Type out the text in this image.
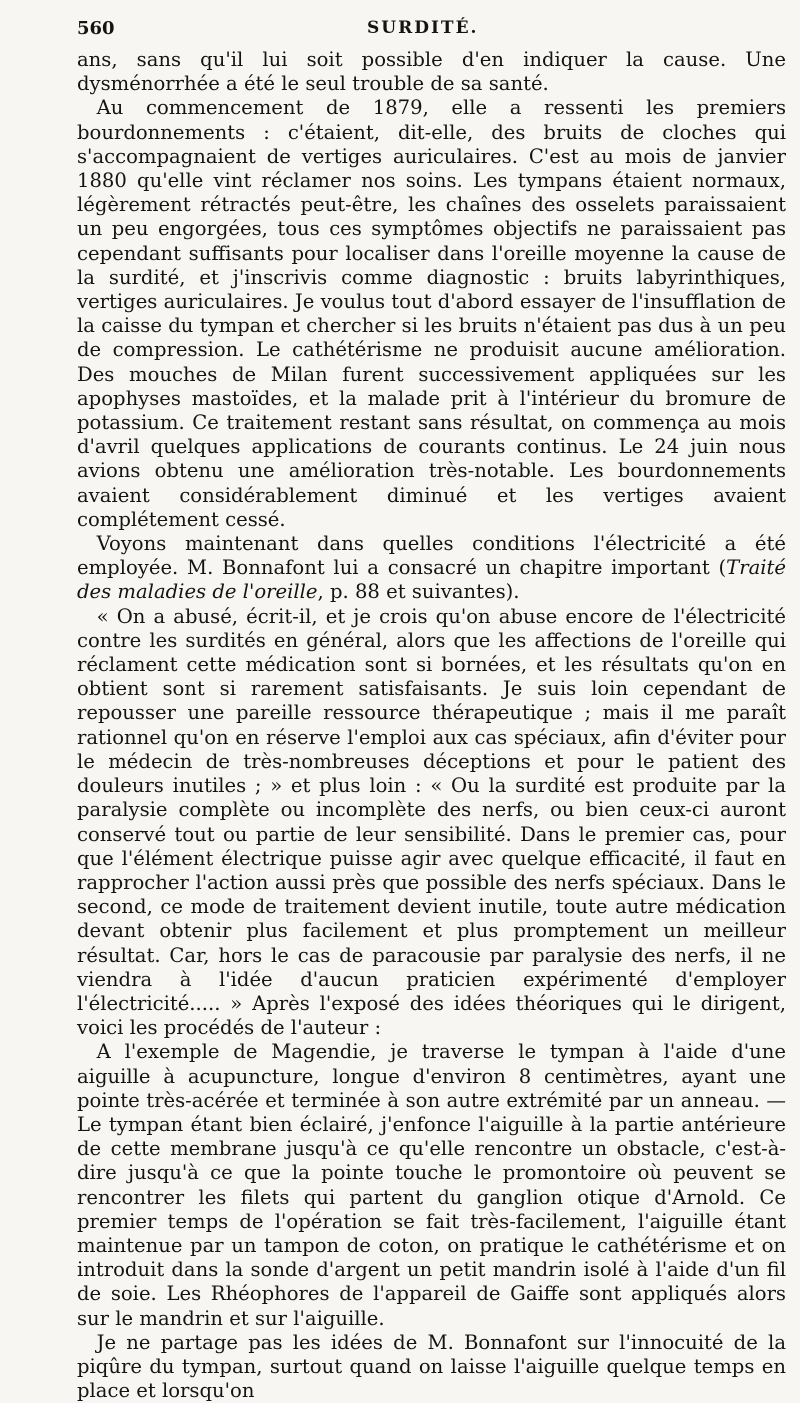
560	SURDITÉ.

ans, sans qu'il lui soit possible d'en indiquer la cause. Une dysménorrhée a été le seul trouble de sa santé.

Au commencement de 1879, elle a ressenti les premiers bourdonnements : c'étaient, dit-elle, des bruits de cloches qui s'accompagnaient de vertiges auriculaires. C'est au mois de janvier 1880 qu'elle vint réclamer nos soins. Les tympans étaient normaux, légèrement rétractés peut-être, les chaînes des osselets paraissaient un peu engorgées, tous ces symptômes objectifs ne paraissaient pas cependant suffisants pour localiser dans l'oreille moyenne la cause de la surdité, et j'inscrivis comme diagnostic : bruits labyrinthiques, vertiges auriculaires. Je voulus tout d'abord essayer de l'insufflation de la caisse du tympan et chercher si les bruits n'étaient pas dus à un peu de compression. Le cathétérisme ne produisit aucune amélioration. Des mouches de Milan furent successivement appliquées sur les apophyses mastoïdes, et la malade prit à l'intérieur du bromure de potassium. Ce traitement restant sans résultat, on commença au mois d'avril quelques applications de courants continus. Le 24 juin nous avions obtenu une amélioration très-notable. Les bourdonnements avaient considérablement diminué et les vertiges avaient complétement cessé.

Voyons maintenant dans quelles conditions l'électricité a été employée. M. Bonnafont lui a consacré un chapitre important (Traité des maladies de l'oreille, p. 88 et suivantes).

« On a abusé, écrit-il, et je crois qu'on abuse encore de l'électricité contre les surdités en général, alors que les affections de l'oreille qui réclament cette médication sont si bornées, et les résultats qu'on en obtient sont si rarement satisfaisants. Je suis loin cependant de repousser une pareille ressource thérapeutique ; mais il me paraît rationnel qu'on en réserve l'emploi aux cas spéciaux, afin d'éviter pour le médecin de très-nombreuses déceptions et pour le patient des douleurs inutiles ; » et plus loin : « Ou la surdité est produite par la paralysie complète ou incomplète des nerfs, ou bien ceux-ci auront conservé tout ou partie de leur sensibilité. Dans le premier cas, pour que l'élément électrique puisse agir avec quelque efficacité, il faut en rapprocher l'action aussi près que possible des nerfs spéciaux. Dans le second, ce mode de traitement devient inutile, toute autre médication devant obtenir plus facilement et plus promptement un meilleur résultat. Car, hors le cas de paracousie par paralysie des nerfs, il ne viendra à l'idée d'aucun praticien expérimenté d'employer l'électricité..... » Après l'exposé des idées théoriques qui le dirigent, voici les procédés de l'auteur :

A l'exemple de Magendie, je traverse le tympan à l'aide d'une aiguille à acupuncture, longue d'environ 8 centimètres, ayant une pointe très-acérée et terminée à son autre extrémité par un anneau. — Le tympan étant bien éclairé, j'enfonce l'aiguille à la partie antérieure de cette membrane jusqu'à ce qu'elle rencontre un obstacle, c'est-à-dire jusqu'à ce que la pointe touche le promontoire où peuvent se rencontrer les filets qui partent du ganglion otique d'Arnold. Ce premier temps de l'opération se fait très-facilement, l'aiguille étant maintenue par un tampon de coton, on pratique le cathétérisme et on introduit dans la sonde d'argent un petit mandrin isolé à l'aide d'un fil de soie. Les Rhéophores de l'appareil de Gaiffe sont appliqués alors sur le mandrin et sur l'aiguille.

Je ne partage pas les idées de M. Bonnafont sur l'innocuité de la piqûre du tympan, surtout quand on laisse l'aiguille quelque temps en place et lorsqu'on
